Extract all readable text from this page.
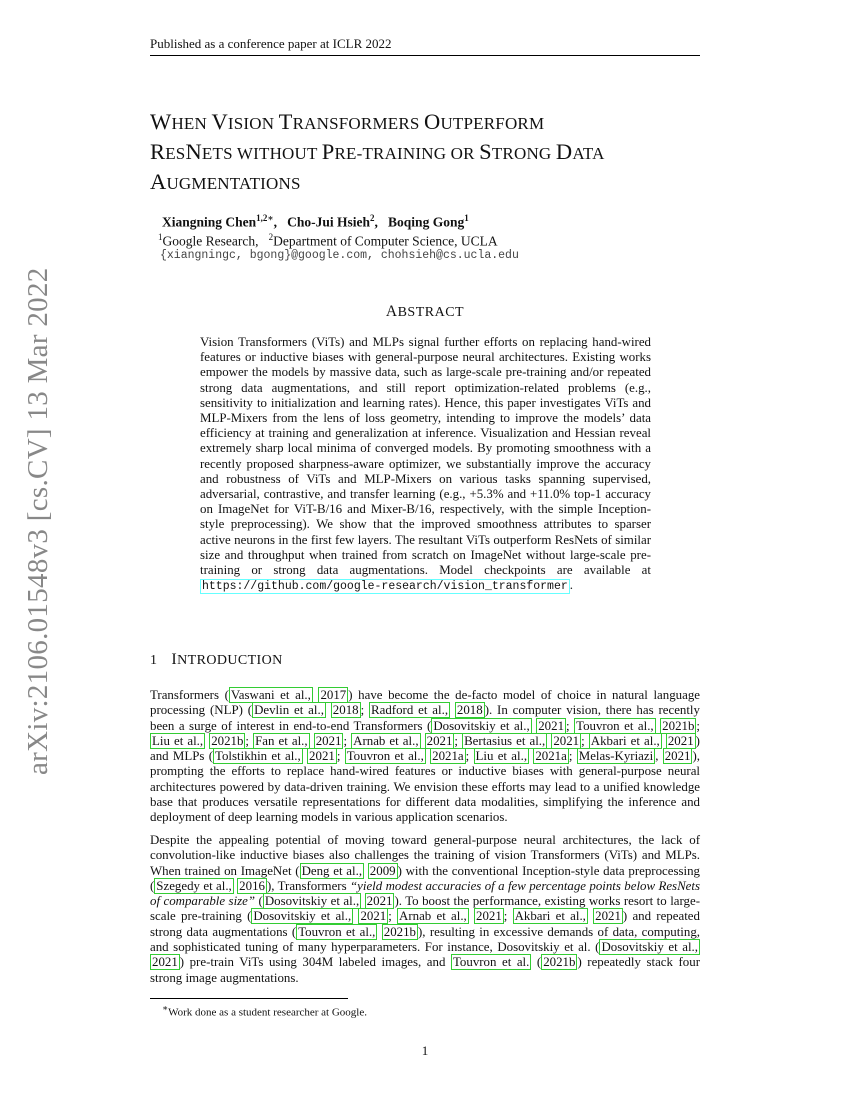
Published as a conference paper at ICLR 2022
WHEN VISION TRANSFORMERS OUTPERFORM
RESNETS WITHOUT PRE-TRAINING OR STRONG DATA
AUGMENTATIONS
Xiangning Chen$^{1,2∗}$,   Cho-Jui Hsieh$^2$,   Boqing Gong$^1$
$^1$Google Research, $^2$Department of Computer Science, UCLA
{xiangningc, bgong}@google.com, chohsieh@cs.ucla.edu
ABSTRACT

Vision Transformers (ViTs) and MLPs signal further efforts on replacing hand-wired features or inductive biases with general-purpose neural architectures. Existing works empower the models by massive data, such as large-scale pre-training and/or repeated strong data augmentations, and still report optimization-related problems (e.g., sensitivity to initialization and learning rates). Hence, this paper investigates ViTs and MLP-Mixers from the lens of loss geometry, intending to improve the models’ data efficiency at training and generalization at inference. Visualization and Hessian reveal extremely sharp local minima of converged models. By promoting smoothness with a recently proposed sharpness-aware optimizer, we substantially improve the accuracy and robustness of ViTs and MLP-Mixers on various tasks spanning supervised, adversarial, contrastive, and transfer learning (e.g., +5.3% and +11.0% top-1 accuracy on ImageNet for ViT-B/16 and Mixer-B/16, respectively, with the simple Inception-style preprocessing). We show that the improved smoothness attributes to sparser active neurons in the first few layers. The resultant ViTs outperform ResNets of similar size and throughput when trained from scratch on ImageNet without large-scale pre-training or strong data augmentations. Model checkpoints are available at https://github.com/google-research/vision_transformer .

1 INTRODUCTION

Transformers ( Vaswani et al., 2017 ) have become the de-facto model of choice in natural language processing (NLP) ( Devlin et al., 2018 ; Radford et al., 2018 ). In computer vision, there has recently been a surge of interest in end-to-end Transformers ( Dosovitskiy et al., 2021 ; Touvron et al., 2021b ; Liu et al., 2021b ; Fan et al., 2021 ; Arnab et al., 2021 ; Bertasius et al., 2021 ; Akbari et al., 2021 ) and MLPs ( Tolstikhin et al., 2021 ; Touvron et al., 2021a ; Liu et al., 2021a ; Melas-Kyriazi , 2021 ), prompting the efforts to replace hand-wired features or inductive biases with general-purpose neural architectures powered by data-driven training. We envision these efforts may lead to a unified knowledge base that produces versatile representations for different data modalities, simplifying the inference and deployment of deep learning models in various application scenarios.

Despite the appealing potential of moving toward general-purpose neural architectures, the lack of convolution-like inductive biases also challenges the training of vision Transformers (ViTs) and MLPs. When trained on ImageNet ( Deng et al., 2009 ) with the conventional Inception-style data preprocessing ( Szegedy et al., 2016 ), Transformers “yield modest accuracies of a few percentage points below ResNets of comparable size” ( Dosovitskiy et al., 2021 ). To boost the performance, existing works resort to large-scale pre-training ( Dosovitskiy et al., 2021 ; Arnab et al., 2021 ; Akbari et al., 2021 ) and repeated strong data augmentations ( Touvron et al., 2021b ), resulting in excessive demands of data, computing, and sophisticated tuning of many hyperparameters. For instance, Dosovitskiy et al. ( Dosovitskiy et al., 2021 ) pre-train ViTs using 304M labeled images, and Touvron et al. ( 2021b ) repeatedly stack four strong image augmentations.

∗Work done as a student researcher at Google.
1
arXiv:2106.01548v3 [cs.CV] 13 Mar 2022
